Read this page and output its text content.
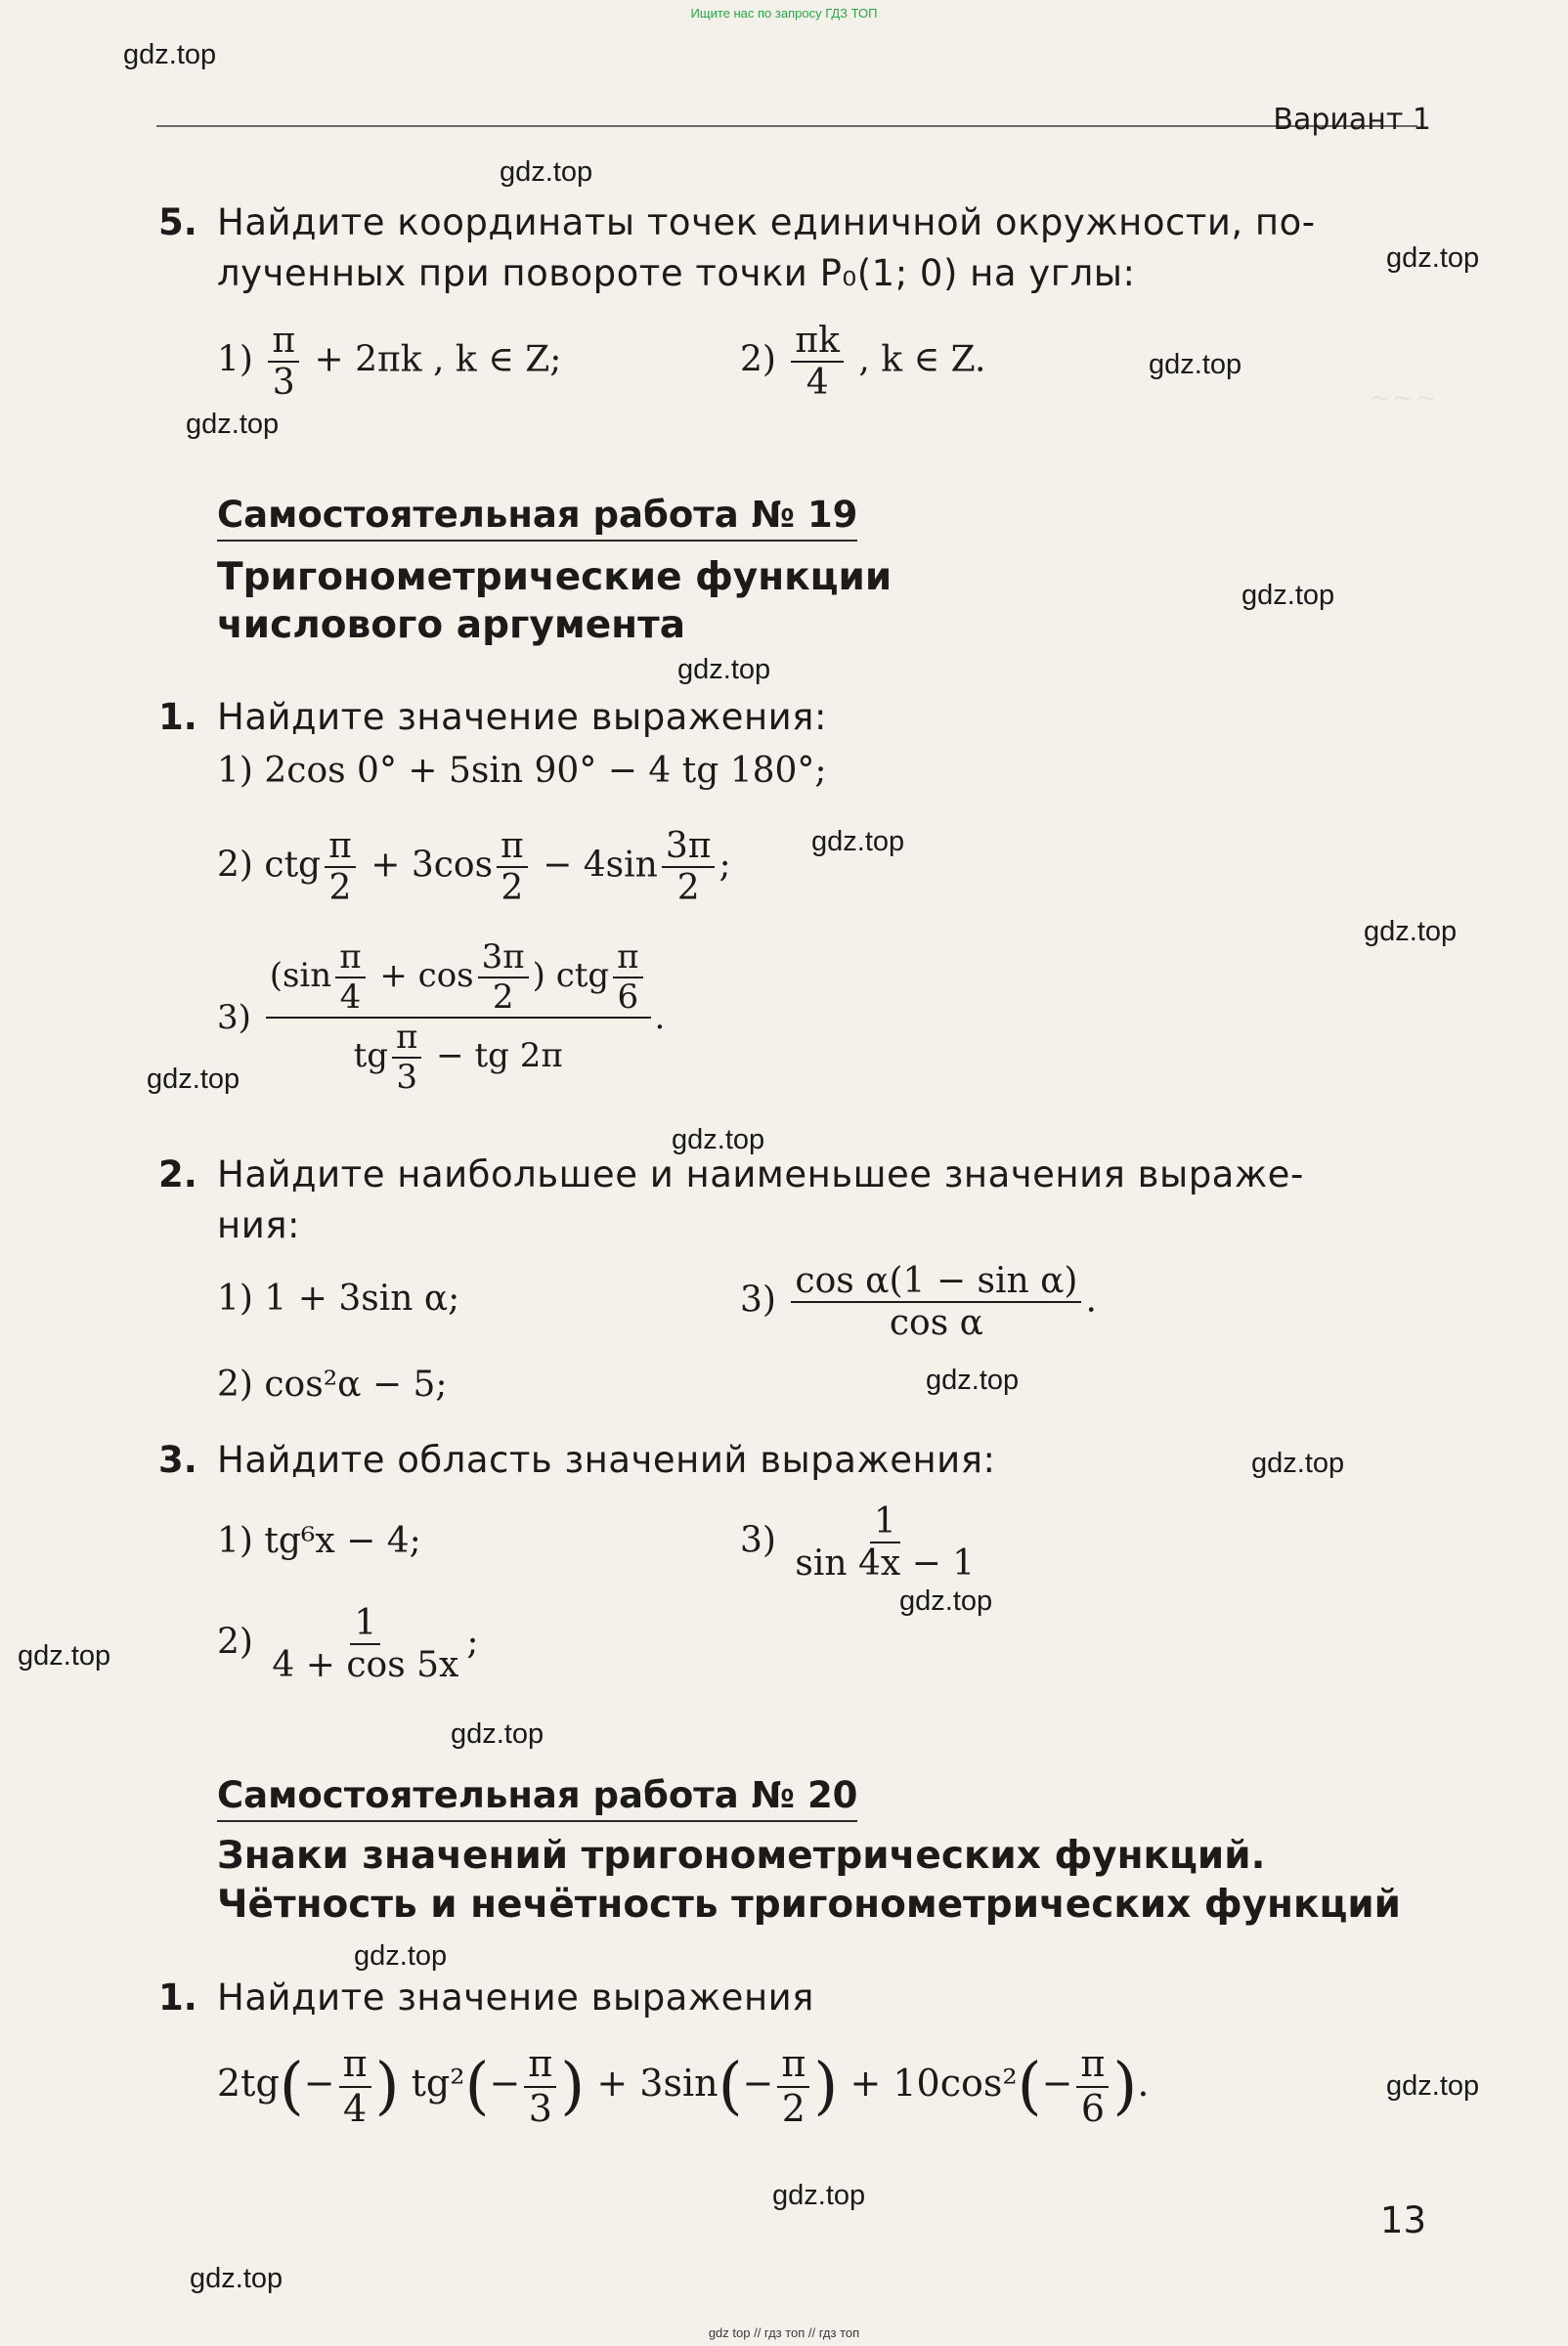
Ищите нас по запросу ГДЗ ТОП
gdz top // гдз топ // гдз топ
~~~
Вариант 1
gdz.top
gdz.top
gdz.top
gdz.top
gdz.top
gdz.top
gdz.top
gdz.top
gdz.top
gdz.top
gdz.top
gdz.top
gdz.top
gdz.top
gdz.top
gdz.top
gdz.top
gdz.top
gdz.top
gdz.top
5. Найдите координаты точек единичной окружности, по-
лученных при повороте точки P₀(1; 0) на углы:
$1) \frac{\pi}{3} + 2\pi k$ , k ∈ Z;	$2) \frac{\pi k}{4}$ , k ∈ Z.
Самостоятельная работа № 19
Тригонометрические функции
числового аргумента
1. Найдите значение выражения:
1) 2cos 0° + 5sin 90° − 4 tg 180°;
2) ctg $\frac{\pi}{2} + 3\cos \frac{\pi}{2} - 4\sin \frac{3\pi}{2}$ ;
$3) \frac{(\sin \frac{\pi}{4} + \cos \frac{3\pi}{2} ) ctg \frac{\pi}{6}}{tg \frac{\pi}{3} - tg 2\pi}$ .
2. Найдите наибольшее и наименьшее значения выраже-
ния:
1) 1 + 3sin α;
2) cos²α − 5;
$3) \frac{\text{cos α(1 − sin α)}}{\text{cos α}}$ .
3. Найдите область значений выражения:
1) tg⁶x − 4;	$3) \frac{1}{\sin 4x - 1}$
$2) \frac{1}{4 + \cos 5x}$ ;
Самостоятельная работа № 20
Знаки значений тригонометрических функций.
Чётность и нечётность тригонометрических функций
1. Найдите значение выражения
$2tg(- \frac{\pi}{4}$ ) $tg^2(- \frac{\pi}{3}$ ) + $3\sin(- \frac{\pi}{2}$ ) + $10\cos^2(- \frac{\pi}{6}$ ).
13
